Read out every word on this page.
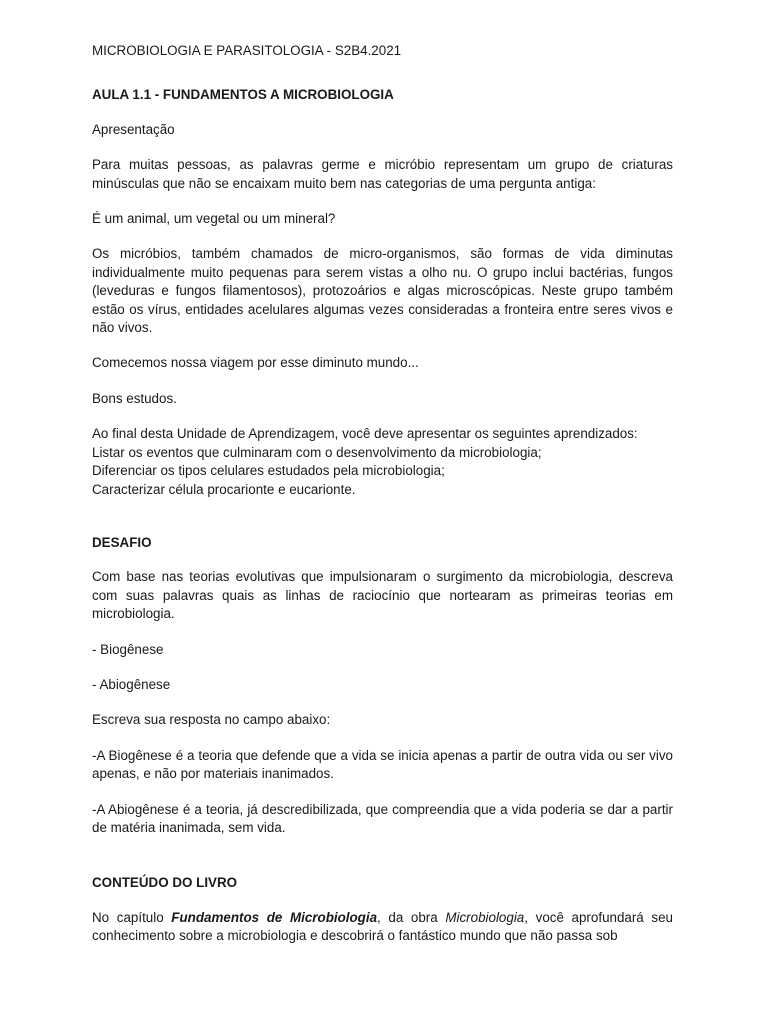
MICROBIOLOGIA E PARASITOLOGIA - S2B4.2021
AULA 1.1 - FUNDAMENTOS A MICROBIOLOGIA

Apresentação

Para muitas pessoas, as palavras germe e micróbio representam um grupo de criaturas minúsculas que não se encaixam muito bem nas categorias de uma pergunta antiga:

É um animal, um vegetal ou um mineral?

Os micróbios, também chamados de micro-organismos, são formas de vida diminutas individualmente muito pequenas para serem vistas a olho nu. O grupo inclui bactérias, fungos (leveduras e fungos filamentosos), protozoários e algas microscópicas. Neste grupo também estão os vírus, entidades acelulares algumas vezes consideradas a fronteira entre seres vivos e não vivos.

Comecemos nossa viagem por esse diminuto mundo...

Bons estudos.

Ao final desta Unidade de Aprendizagem, você deve apresentar os seguintes aprendizados:

Listar os eventos que culminaram com o desenvolvimento da microbiologia;

Diferenciar os tipos celulares estudados pela microbiologia;

Caracterizar célula procarionte e eucarionte.

DESAFIO

Com base nas teorias evolutivas que impulsionaram o surgimento da microbiologia, descreva com suas palavras quais as linhas de raciocínio que nortearam as primeiras teorias em microbiologia.

- Biogênese

- Abiogênese

Escreva sua resposta no campo abaixo:

-A Biogênese é a teoria que defende que a vida se inicia apenas a partir de outra vida ou ser vivo apenas, e não por materiais inanimados.

-A Abiogênese é a teoria, já descredibilizada, que compreendia que a vida poderia se dar a partir de matéria inanimada, sem vida.

CONTEÚDO DO LIVRO

No capítulo Fundamentos de Microbiologia, da obra Microbiologia, você aprofundará seu conhecimento sobre a microbiologia e descobrirá o fantástico mundo que não passa sob
